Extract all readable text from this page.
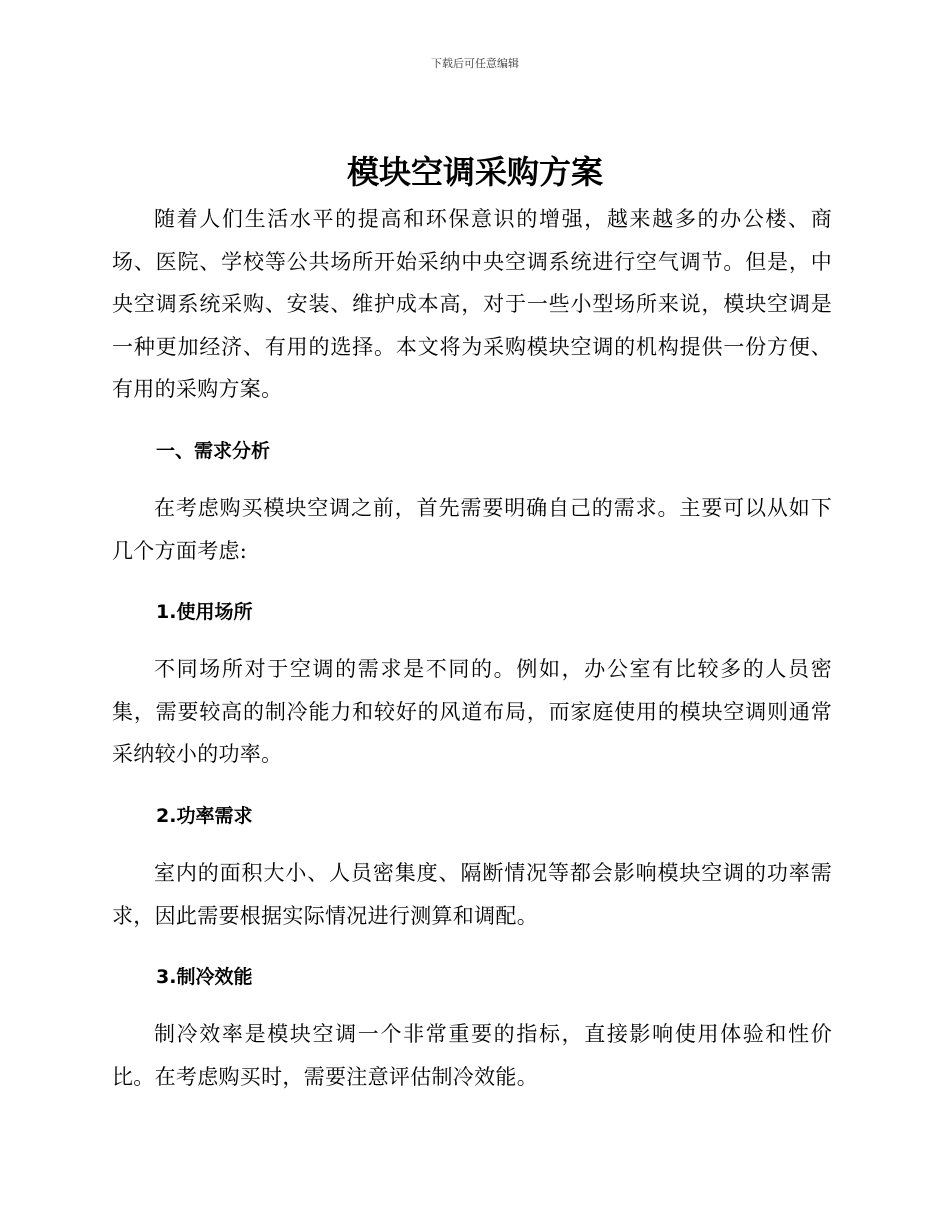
下载后可任意编辑
模块空调采购方案

随着人们生活水平的提高和环保意识的增强，越来越多的办公楼、商场、医院、学校等公共场所开始采纳中央空调系统进行空气调节。但是，中央空调系统采购、安装、维护成本高，对于一些小型场所来说，模块空调是一种更加经济、有用的选择。本文将为采购模块空调的机构提供一份方便、有用的采购方案。

一、需求分析

在考虑购买模块空调之前，首先需要明确自己的需求。主要可以从如下几个方面考虑:

1.使用场所

不同场所对于空调的需求是不同的。例如，办公室有比较多的人员密集，需要较高的制冷能力和较好的风道布局，而家庭使用的模块空调则通常采纳较小的功率。

2.功率需求

室内的面积大小、人员密集度、隔断情况等都会影响模块空调的功率需求，因此需要根据实际情况进行测算和调配。

3.制冷效能

制冷效率是模块空调一个非常重要的指标，直接影响使用体验和性价比。在考虑购买时，需要注意评估制冷效能。
